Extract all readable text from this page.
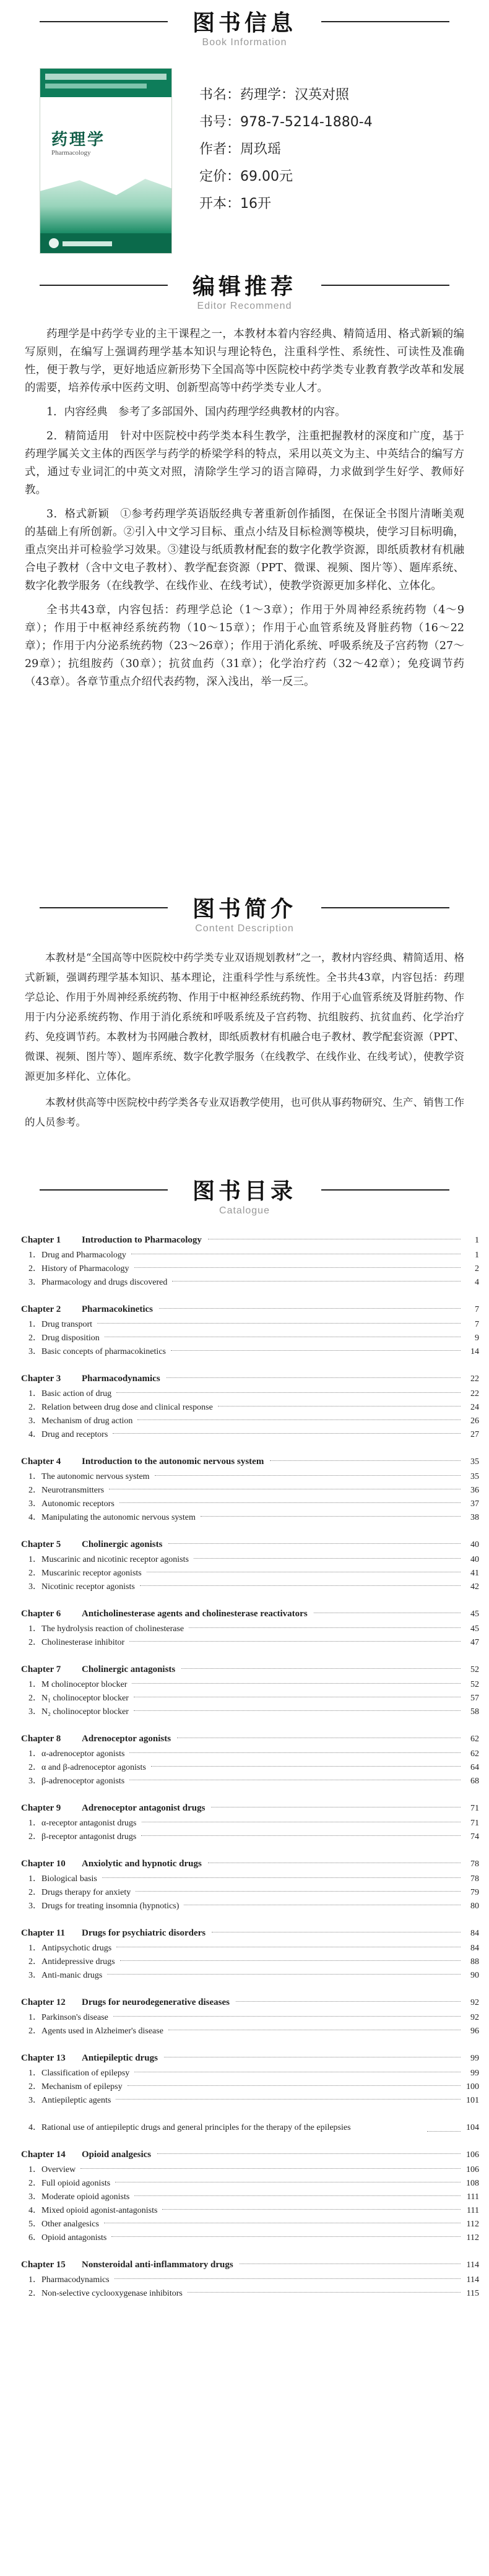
图书信息
Book Information
药理学
Pharmacology
书名：药理学：汉英对照
书号：978-7-5214-1880-4
作者：周玖瑶
定价：69.00元
开本：16开
编辑推荐
Editor Recommend

药理学是中药学专业的主干课程之一，本教材本着内容经典、精简适用、格式新颖的编写原则，在编写上强调药理学基本知识与理论特色，注重科学性、系统性、可读性及准确性，便于教与学，更好地适应新形势下全国高等中医院校中药学类专业教育教学改革和发展的需要，培养传承中医药文明、创新型高等中药学类专业人才。

1．内容经典　参考了多部国外、国内药理学经典教材的内容。

2．精简适用　针对中医院校中药学类本科生教学，注重把握教材的深度和广度，基于药理学属关文主体的西医学与药学的桥梁学科的特点，采用以英文为主、中英结合的编写方式，通过专业词汇的中英文对照，清除学生学习的语言障碍，力求做到学生好学、教师好教。

3．格式新颖　①参考药理学英语版经典专著重新创作插图，在保证全书图片清晰美观的基础上有所创新。②引入中文学习目标、重点小结及目标检测等模块，使学习目标明确，重点突出并可检验学习效果。③建设与纸质教材配套的数字化教学资源，即纸质教材有机融合电子教材（含中文电子教材）、教学配套资源（PPT、微课、视频、图片等）、题库系统、数字化教学服务（在线教学、在线作业、在线考试），使教学资源更加多样化、立体化。

全书共43章，内容包括：药理学总论（1～3章）；作用于外周神经系统药物（4～9章）；作用于中枢神经系统药物（10～15章）；作用于心血管系统及肾脏药物（16～22章）；作用于内分泌系统药物（23～26章）；作用于消化系统、呼吸系统及子宫药物（27～29章）；抗组胺药（30章）；抗贫血药（31章）；化学治疗药（32～42章）；免疫调节药（43章）。各章节重点介绍代表药物，深入浅出，举一反三。

图书简介
Content Description

本教材是“全国高等中医院校中药学类专业双语规划教材”之一，教材内容经典、精简适用、格式新颖，强调药理学基本知识、基本理论，注重科学性与系统性。全书共43章，内容包括：药理学总论、作用于外周神经系统药物、作用于中枢神经系统药物、作用于心血管系统及肾脏药物、作用于内分泌系统药物、作用于消化系统和呼吸系统及子宫药物、抗组胺药、抗贫血药、化学治疗药、免疫调节药。本教材为书网融合教材，即纸质教材有机融合电子教材、教学配套资源（PPT、微课、视频、图片等）、题库系统、数字化教学服务（在线教学、在线作业、在线考试），使教学资源更加多样化、立体化。

本教材供高等中医院校中药学类各专业双语教学使用，也可供从事药物研究、生产、销售工作的人员参考。

图书目录
Catalogue
Chapter 1	Introduction to Pharmacology	1
1．Drug and Pharmacology	1
2．History of Pharmacology	2
3．Pharmacology and drugs discovered	4
Chapter 2	Pharmacokinetics	7
1．Drug transport	7
2．Drug disposition	9
3．Basic concepts of pharmacokinetics	14
Chapter 3	Pharmacodynamics	22
1．Basic action of drug	22
2．Relation between drug dose and clinical response	24
3．Mechanism of drug action	26
4．Drug and receptors	27
Chapter 4	Introduction to the autonomic nervous system	35
1．The autonomic nervous system	35
2．Neurotransmitters	36
3．Autonomic receptors	37
4．Manipulating the autonomic nervous system	38
Chapter 5	Cholinergic agonists	40
1．Muscarinic and nicotinic receptor agonists	40
2．Muscarinic receptor agonists	41
3．Nicotinic receptor agonists	42
Chapter 6	Anticholinesterase agents and cholinesterase reactivators	45
1．The hydrolysis reaction of cholinesterase	45
2．Cholinesterase inhibitor	47
Chapter 7	Cholinergic antagonists	52
1．M cholinoceptor blocker	52
2．N₁ cholinoceptor blocker	57
3．N₂ cholinoceptor blocker	58
Chapter 8	Adrenoceptor agonists	62
1．α-adrenoceptor agonists	62
2．α and β-adrenoceptor agonists	64
3．β-adrenoceptor agonists	68
Chapter 9	Adrenoceptor antagonist drugs	71
1．α-receptor antagonist drugs	71
2．β-receptor antagonist drugs	74
Chapter 10	Anxiolytic and hypnotic drugs	78
1．Biological basis	78
2．Drugs therapy for anxiety	79
3．Drugs for treating insomnia (hypnotics)	80
Chapter 11	Drugs for psychiatric disorders	84
1．Antipsychotic drugs	84
2．Antidepressive drugs	88
3．Anti-manic drugs	90
Chapter 12	Drugs for neurodegenerative diseases	92
1．Parkinson's disease	92
2．Agents used in Alzheimer's disease	96
Chapter 13	Antiepileptic drugs	99
1．Classification of epilepsy	99
2．Mechanism of epilepsy	100
3．Antiepileptic agents	101
4．Rational use of antiepileptic drugs and general principles for the therapy of the epilepsies	104
Chapter 14	Opioid analgesics	106
1．Overview	106
2．Full opioid agonists	108
3．Moderate opioid agonists	111
4．Mixed opioid agonist-antagonists	111
5．Other analgesics	112
6．Opioid antagonists	112
Chapter 15	Nonsteroidal anti-inflammatory drugs	114
1．Pharmacodynamics	114
2．Non-selective cyclooxygenase inhibitors	115
